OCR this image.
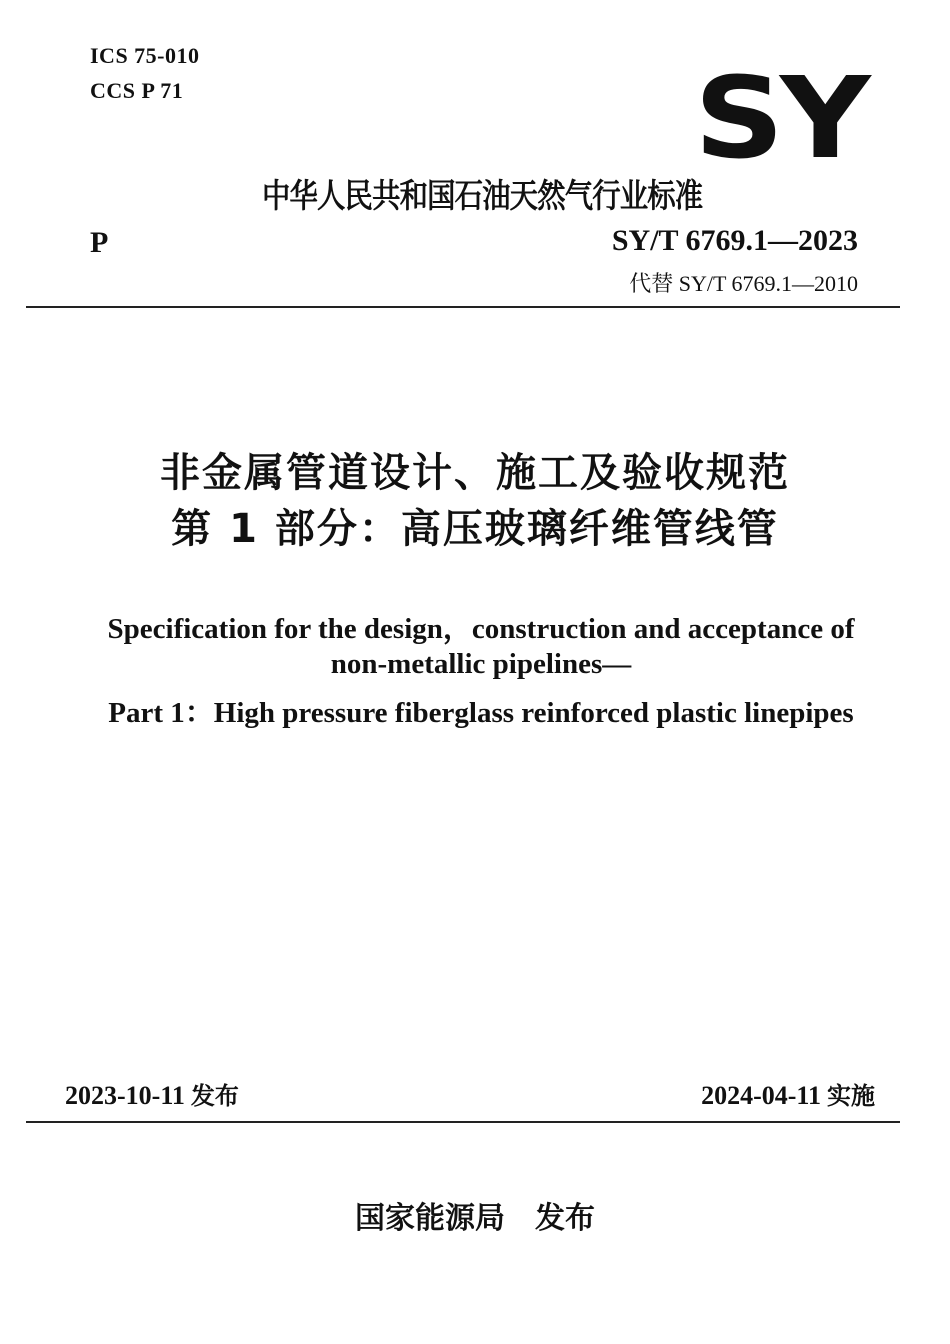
ICS 75-010
CCS P 71	SY
中华人民共和国石油天然气行业标准
P	SY/T 6769.1—2023
代替 SY/T 6769.1—2010
非金属管道设计、施工及验收规范
第 1 部分：高压玻璃纤维管线管
Specification for the design，construction and acceptance of
non-metallic pipelines—
Part 1：High pressure fiberglass reinforced plastic linepipes
2023-10-11 发布	2024-04-11 实施
国家能源局 发布
